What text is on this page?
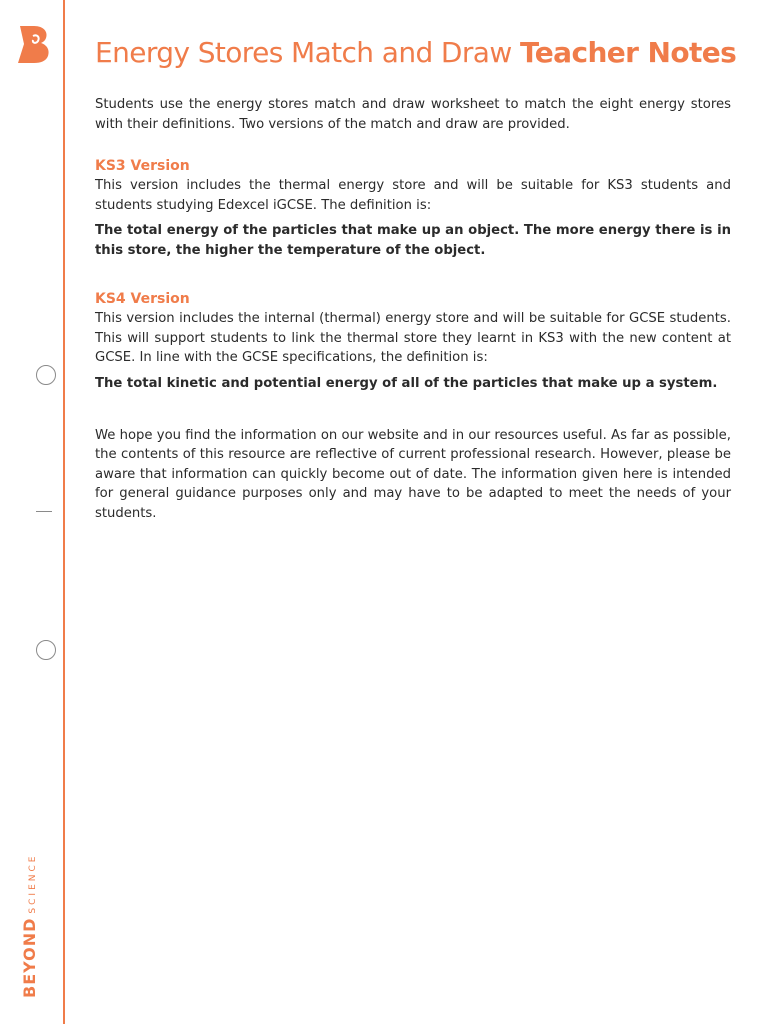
BEYONDSCIENCE
Energy Stores Match and Draw Teacher Notes

Students use the energy stores match and draw worksheet to match the eight energy stores with their definitions. Two versions of the match and draw are provided.

KS3 Version

This version includes the thermal energy store and will be suitable for KS3 students and students studying Edexcel iGCSE. The definition is:

The total energy of the particles that make up an object. The more energy there is in this store, the higher the temperature of the object.

KS4 Version

This version includes the internal (thermal) energy store and will be suitable for GCSE students. This will support students to link the thermal store they learnt in KS3 with the new content at GCSE. In line with the GCSE specifications, the definition is:

The total kinetic and potential energy of all of the particles that make up a system.

We hope you find the information on our website and in our resources useful. As far as possible, the contents of this resource are reflective of current professional research. However, please be aware that information can quickly become out of date. The information given here is intended for general guidance purposes only and may have to be adapted to meet the needs of your students.
